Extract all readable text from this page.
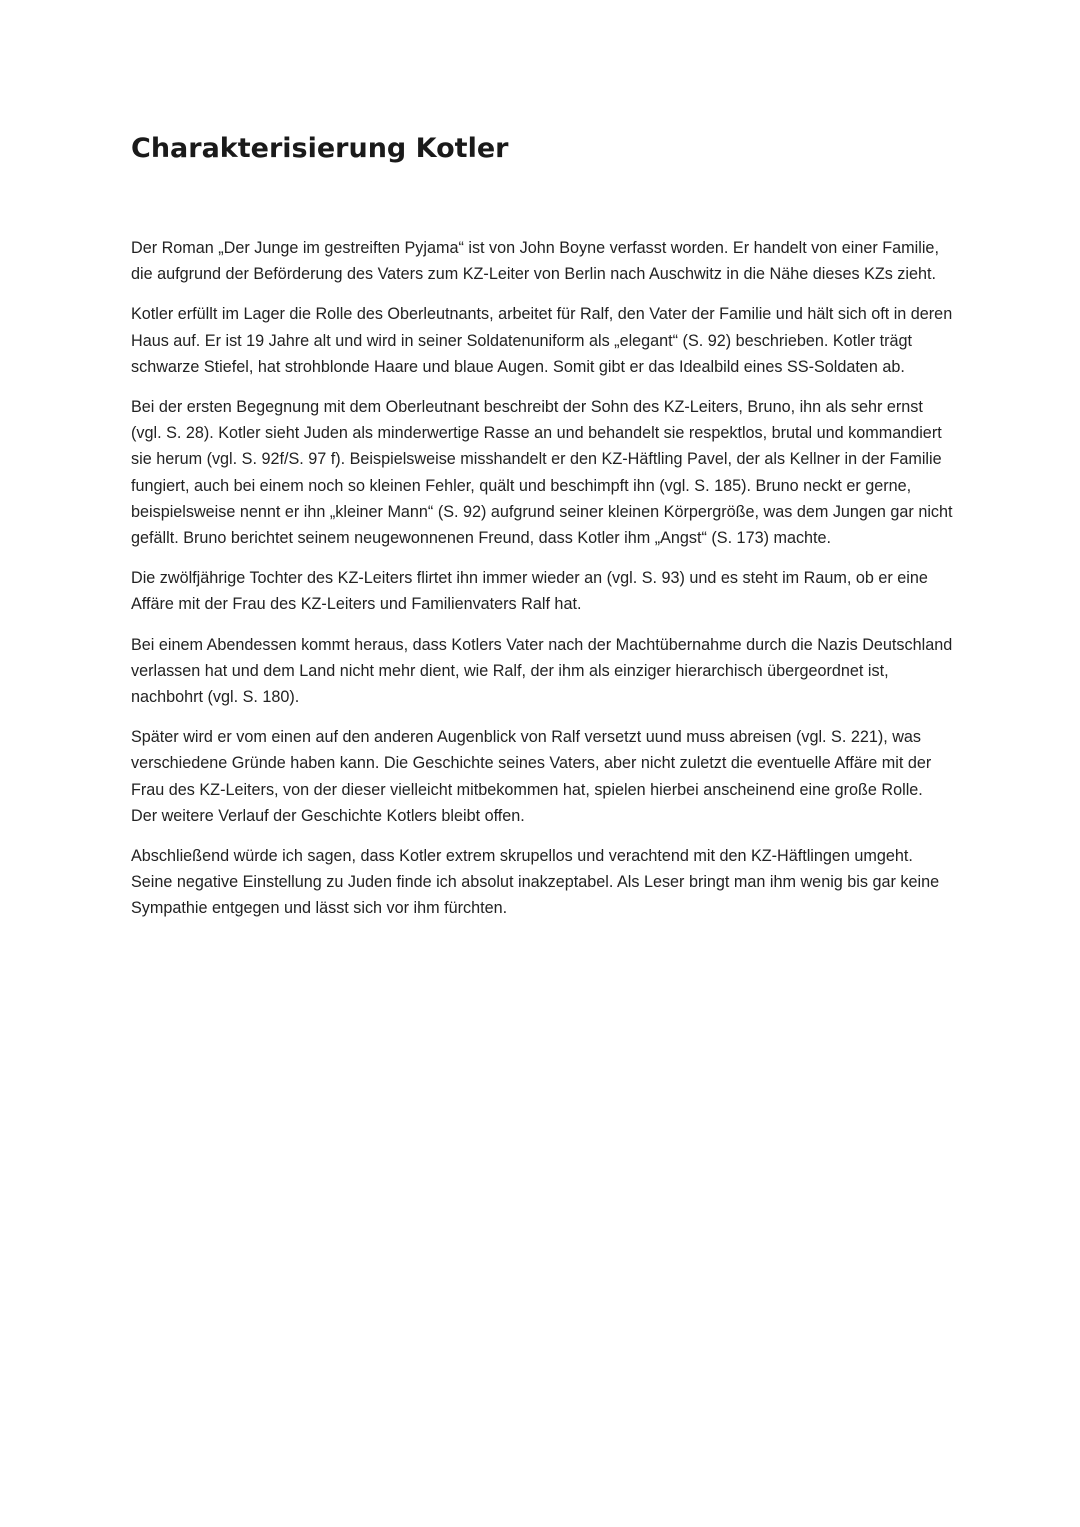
Charakterisierung Kotler

Der Roman „Der Junge im gestreiften Pyjama“ ist von John Boyne verfasst worden. Er handelt von einer Familie, die aufgrund der Beförderung des Vaters zum KZ-Leiter von Berlin nach Auschwitz in die Nähe dieses KZs zieht.

Kotler erfüllt im Lager die Rolle des Oberleutnants, arbeitet für Ralf, den Vater der Familie und hält sich oft in deren Haus auf. Er ist 19 Jahre alt und wird in seiner Soldatenuniform als „elegant“ (S. 92) beschrieben. Kotler trägt schwarze Stiefel, hat strohblonde Haare und blaue Augen. Somit gibt er das Idealbild eines SS-Soldaten ab.

Bei der ersten Begegnung mit dem Oberleutnant beschreibt der Sohn des KZ-Leiters, Bruno, ihn als sehr ernst (vgl. S. 28). Kotler sieht Juden als minderwertige Rasse an und behandelt sie respektlos, brutal und kommandiert sie herum (vgl. S. 92f/S. 97 f). Beispielsweise misshandelt er den KZ-Häftling Pavel, der als Kellner in der Familie fungiert, auch bei einem noch so kleinen Fehler, quält und beschimpft ihn (vgl. S. 185). Bruno neckt er gerne, beispielsweise nennt er ihn „kleiner Mann“ (S. 92) aufgrund seiner kleinen Körpergröße, was dem Jungen gar nicht gefällt. Bruno berichtet seinem neugewonnenen Freund, dass Kotler ihm „Angst“ (S. 173) machte.

Die zwölfjährige Tochter des KZ-Leiters flirtet ihn immer wieder an (vgl. S. 93) und es steht im Raum, ob er eine Affäre mit der Frau des KZ-Leiters und Familienvaters Ralf hat.

Bei einem Abendessen kommt heraus, dass Kotlers Vater nach der Machtübernahme durch die Nazis Deutschland verlassen hat und dem Land nicht mehr dient, wie Ralf, der ihm als einziger hierarchisch übergeordnet ist, nachbohrt (vgl. S. 180).

Später wird er vom einen auf den anderen Augenblick von Ralf versetzt uund muss abreisen (vgl. S. 221), was verschiedene Gründe haben kann. Die Geschichte seines Vaters, aber nicht zuletzt die eventuelle Affäre mit der Frau des KZ-Leiters, von der dieser vielleicht mitbekommen hat, spielen hierbei anscheinend eine große Rolle. Der weitere Verlauf der Geschichte Kotlers bleibt offen.

Abschließend würde ich sagen, dass Kotler extrem skrupellos und verachtend mit den KZ-Häftlingen umgeht. Seine negative Einstellung zu Juden finde ich absolut inakzeptabel. Als Leser bringt man ihm wenig bis gar keine Sympathie entgegen und lässt sich vor ihm fürchten.
